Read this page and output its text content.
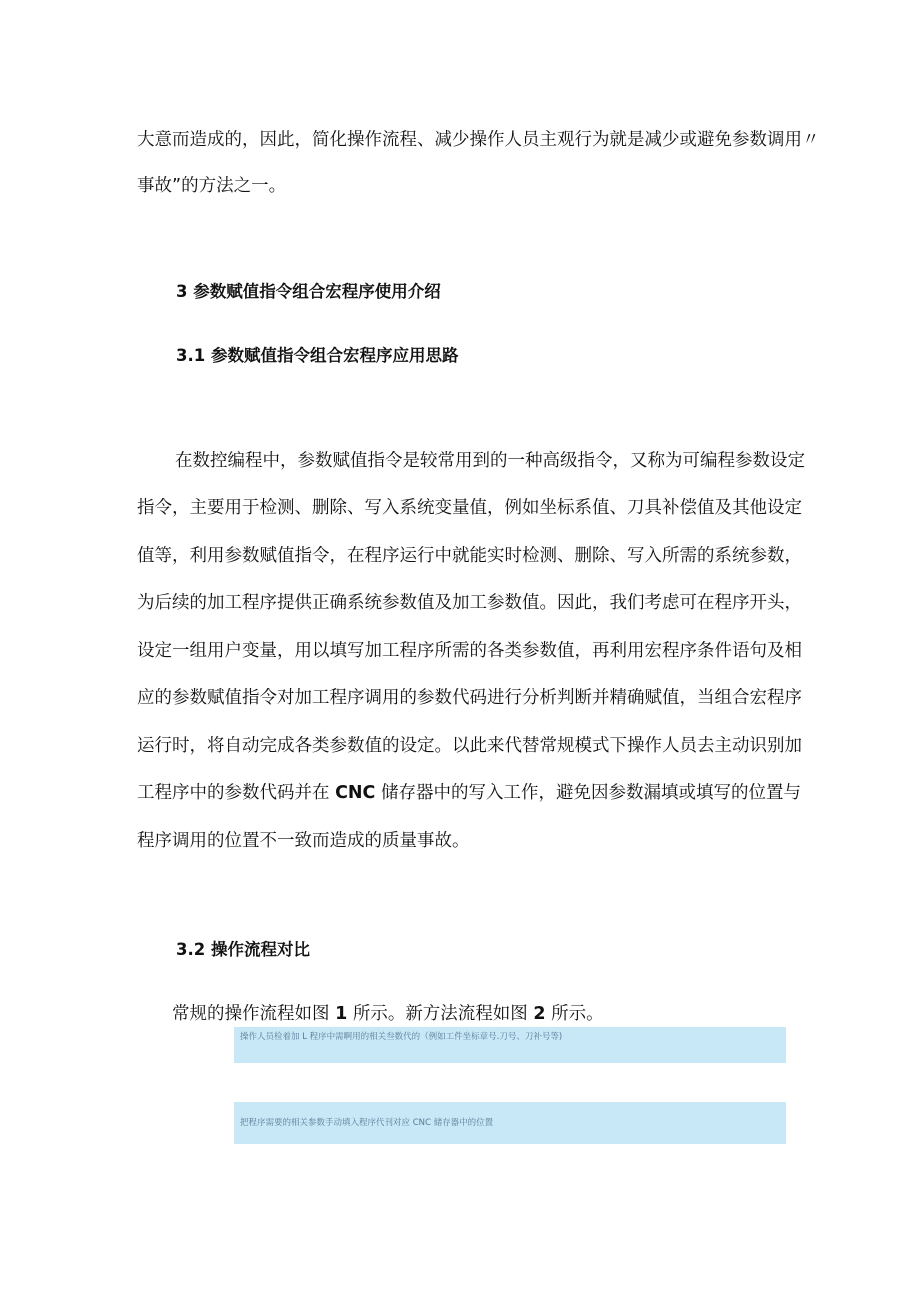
大意而造成的，因此，简化操作流程、减少操作人员主观行为就是减少或避免参数调用〃
事故”的方法之一。
3 参数赋值指令组合宏程序使用介绍
3.1 参数赋值指令组合宏程序应用思路
在数控编程中，参数赋值指令是较常用到的一种高级指令，又称为可编程参数设定
指令，主要用于检测、删除、写入系统变量值，例如坐标系值、刀具补偿值及其他设定
值等，利用参数赋值指令，在程序运行中就能实时检测、删除、写入所需的系统参数，
为后续的加工程序提供正确系统参数值及加工参数值。因此，我们考虑可在程序开头，
设定一组用户变量，用以填写加工程序所需的各类参数值，再利用宏程序条件语句及相
应的参数赋值指令对加工程序调用的参数代码进行分析判断并精确赋值，当组合宏程序
运行时，将自动完成各类参数值的设定。以此来代替常规模式下操作人员去主动识别加
工程序中的参数代码并在 CNC 储存器中的写入工作，避免因参数漏填或填写的位置与
程序调用的位置不一致而造成的质量事故。
3.2 操作流程对比
常规的操作流程如图 1 所示。新方法流程如图 2 所示。
操作人员检着加 L 程序中需啊用的相关叁数代的（例如工件坐标章号.刀号、刀补号等)
把程序需要的相关参数手动填入程序代刊对应 CNC 储存器中的位置
